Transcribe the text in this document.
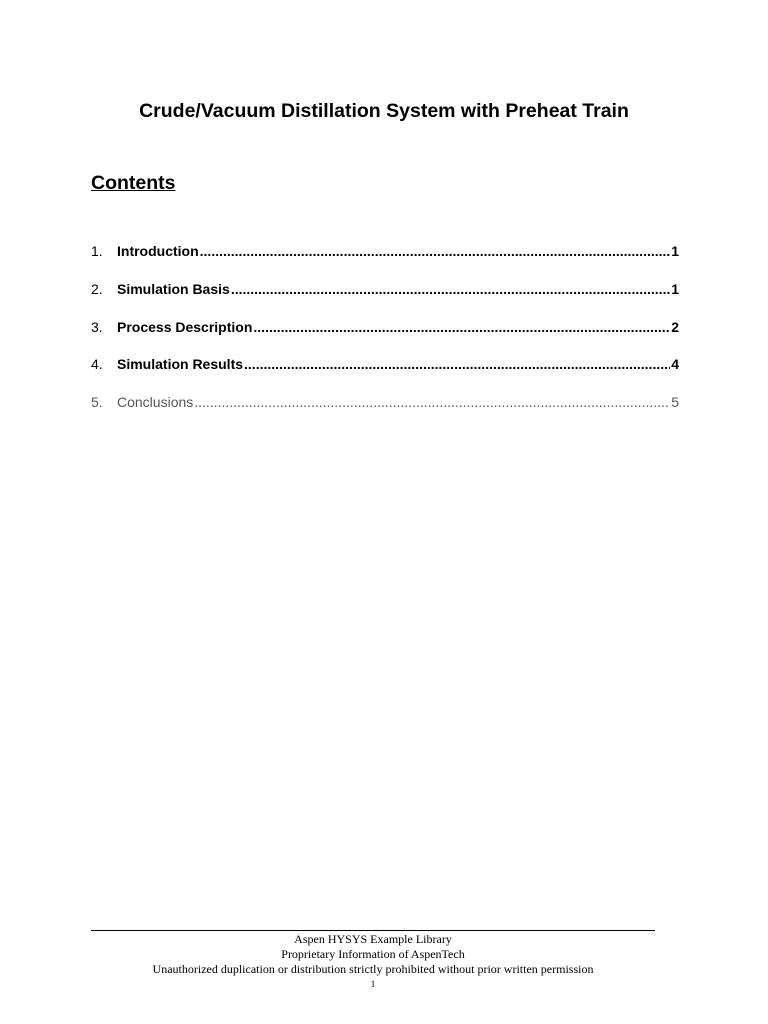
Crude/Vacuum Distillation System with Preheat Train
Contents
1.	Introduction .....	1
2.	Simulation Basis .....	1
3.	Process Description .....	2
4.	Simulation Results .....	4
5.	Conclusions .....	5
Aspen HYSYS Example Library
Proprietary Information of AspenTech
Unauthorized duplication or distribution strictly prohibited without prior written permission
1
